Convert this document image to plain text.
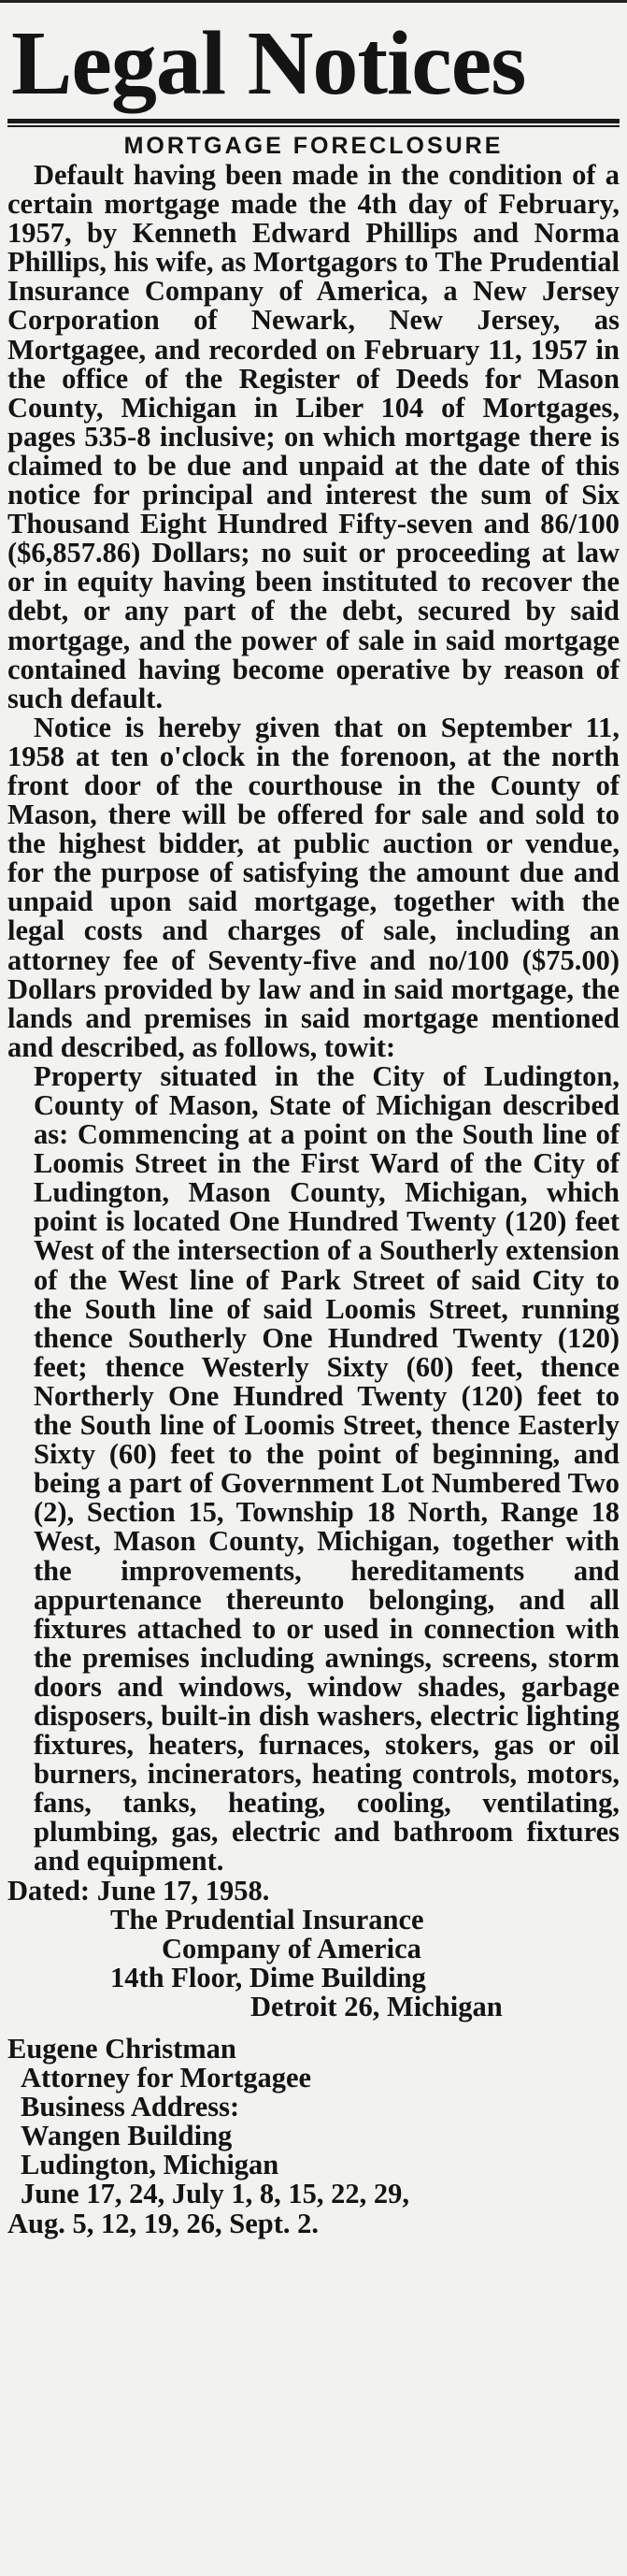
Legal Notices
MORTGAGE FORECLOSURE

Default having been made in the condition of a certain mortgage made the 4th day of February, 1957, by Kenneth Edward Phillips and Norma Phillips, his wife, as Mortgagors to The Prudential Insurance Company of America, a New Jersey Corporation of Newark, New Jersey, as Mortgagee, and recorded on February 11, 1957 in the office of the Register of Deeds for Mason County, Michigan in Liber 104 of Mortgages, pages 535-8 inclusive; on which mortgage there is claimed to be due and unpaid at the date of this notice for principal and interest the sum of Six Thousand Eight Hundred Fifty-seven and 86/100 ($6,857.86) Dollars; no suit or proceeding at law or in equity having been instituted to recover the debt, or any part of the debt, secured by said mortgage, and the power of sale in said mortgage contained having become operative by reason of such default.

Notice is hereby given that on September 11, 1958 at ten o'clock in the forenoon, at the north front door of the courthouse in the County of Mason, there will be offered for sale and sold to the highest bidder, at public auction or vendue, for the purpose of satisfying the amount due and unpaid upon said mortgage, together with the legal costs and charges of sale, including an attorney fee of Seventy-five and no/100 ($75.00) Dollars provided by law and in said mortgage, the lands and premises in said mortgage mentioned and described, as follows, towit:

Property situated in the City of Ludington, County of Mason, State of Michigan described as: Commencing at a point on the South line of Loomis Street in the First Ward of the City of Ludington, Mason County, Michigan, which point is located One Hundred Twenty (120) feet West of the intersection of a Southerly extension of the West line of Park Street of said City to the South line of said Loomis Street, running thence Southerly One Hundred Twenty (120) feet; thence Westerly Sixty (60) feet, thence Northerly One Hundred Twenty (120) feet to the South line of Loomis Street, thence Easterly Sixty (60) feet to the point of beginning, and being a part of Government Lot Numbered Two (2), Section 15, Township 18 North, Range 18 West, Mason County, Michigan, together with the improvements, hereditaments and appurtenance thereunto belonging, and all fixtures attached to or used in connection with the premises including awnings, screens, storm doors and windows, window shades, garbage disposers, built-in dish washers, electric lighting fixtures, heaters, furnaces, stokers, gas or oil burners, incinerators, heating controls, motors, fans, tanks, heating, cooling, ventilating, plumbing, gas, electric and bathroom fixtures and equipment.

Dated: June 17, 1958.

The Prudential Insurance

Company of America

14th Floor, Dime Building

Detroit 26, Michigan

Eugene Christman

Attorney for Mortgagee

Business Address:

Wangen Building

Ludington, Michigan

June 17, 24, July 1, 8, 15, 22, 29,

Aug. 5, 12, 19, 26, Sept. 2.
